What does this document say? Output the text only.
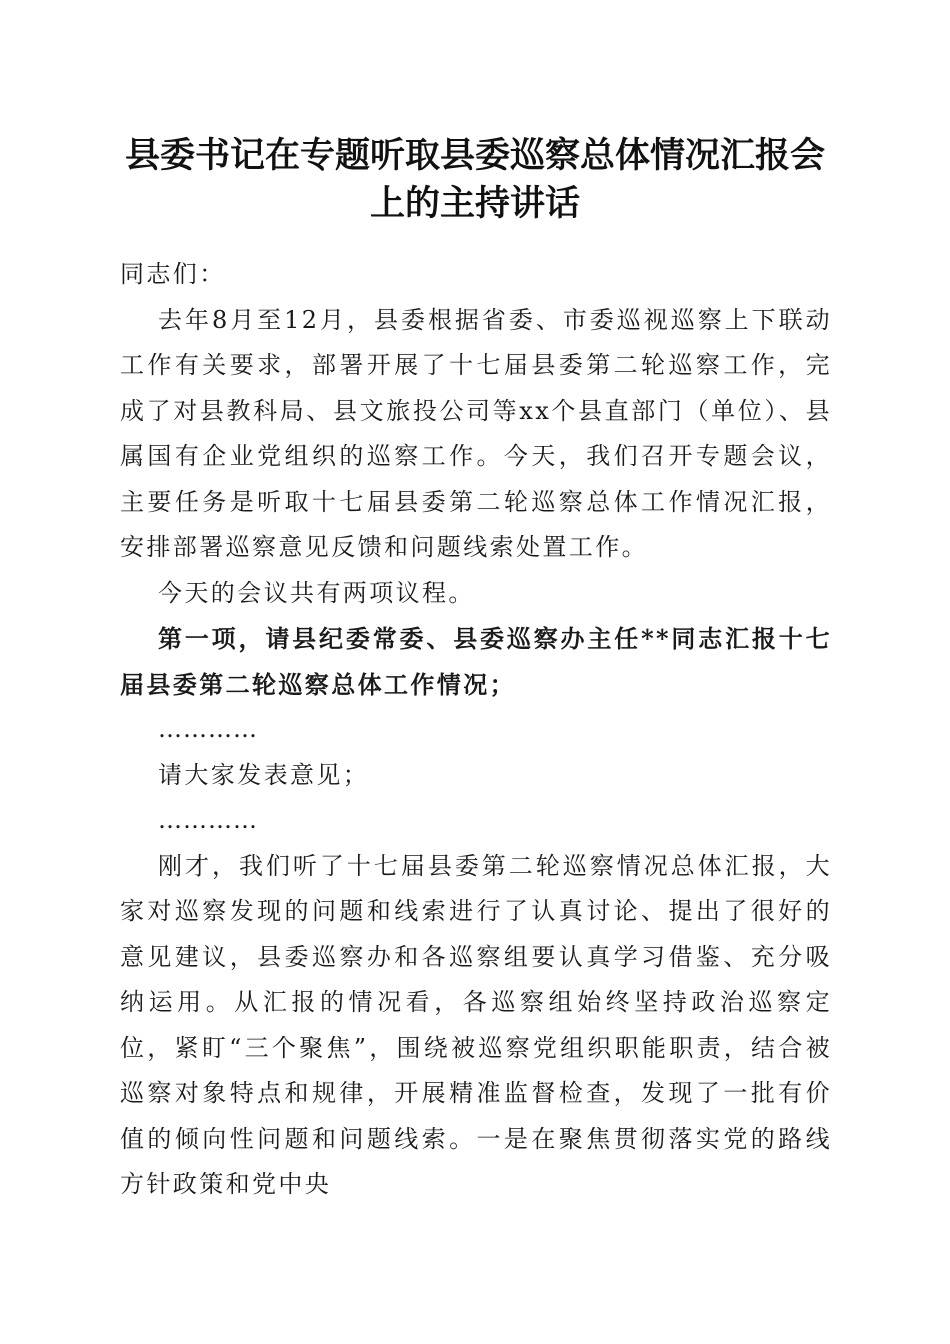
县委书记在专题听取县委巡察总体情况汇报会
上的主持讲话

同志们：

去年8月至12月，县委根据省委、市委巡视巡察上下联动工作有关要求，部署开展了十七届县委第二轮巡察工作，完成了对县教科局、县文旅投公司等xx个县直部门（单位）、县属国有企业党组织的巡察工作。今天，我们召开专题会议，主要任务是听取十七届县委第二轮巡察总体工作情况汇报，安排部署巡察意见反馈和问题线索处置工作。

今天的会议共有两项议程。

第一项，请县纪委常委、县委巡察办主任**同志汇报十七届县委第二轮巡察总体工作情况；

…………

请大家发表意见；

…………

刚才，我们听了十七届县委第二轮巡察情况总体汇报，大家对巡察发现的问题和线索进行了认真讨论、提出了很好的意见建议，县委巡察办和各巡察组要认真学习借鉴、充分吸纳运用。从汇报的情况看，各巡察组始终坚持政治巡察定位，紧盯“三个聚焦”，围绕被巡察党组织职能职责，结合被巡察对象特点和规律，开展精准监督检查，发现了一批有价值的倾向性问题和问题线索。一是在聚焦贯彻落实党的路线方针政策和党中央
